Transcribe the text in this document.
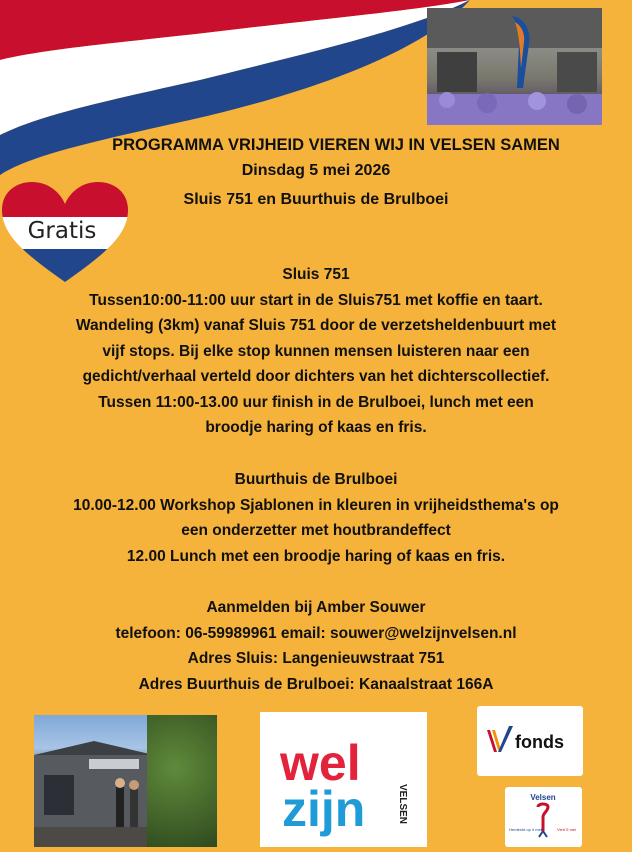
PROGRAMMA VRIJHEID VIEREN WIJ IN VELSEN SAMEN
Dinsdag 5 mei 2026
Sluis 751 en Buurthuis de Brulboei
Gratis
Sluis 751
Tussen10:00-11:00 uur start in de Sluis751 met koffie en taart.
Wandeling (3km) vanaf Sluis 751 door de verzetsheldenbuurt met
vijf stops. Bij elke stop kunnen mensen luisteren naar een
gedicht/verhaal verteld door dichters van het dichterscollectief.
Tussen 11:00-13.00 uur finish in de Brulboei, lunch met een
broodje haring of kaas en fris.
Buurthuis de Brulboei
10.00-12.00 Workshop Sjablonen in kleuren in vrijheidsthema's op
een onderzetter met houtbrandeffect
12.00 Lunch met een broodje haring of kaas en fris.
Aanmelden bij Amber Souwer
telefoon: 06-59989961 email: souwer@welzijnvelsen.nl
Adres Sluis: Langenieuwstraat 751
Adres Buurthuis de Brulboei: Kanaalstraat 166A
wel
zijn	VELSEN
fonds
Velsen
Herdenkt op 4 mei	Viert 5 mei
